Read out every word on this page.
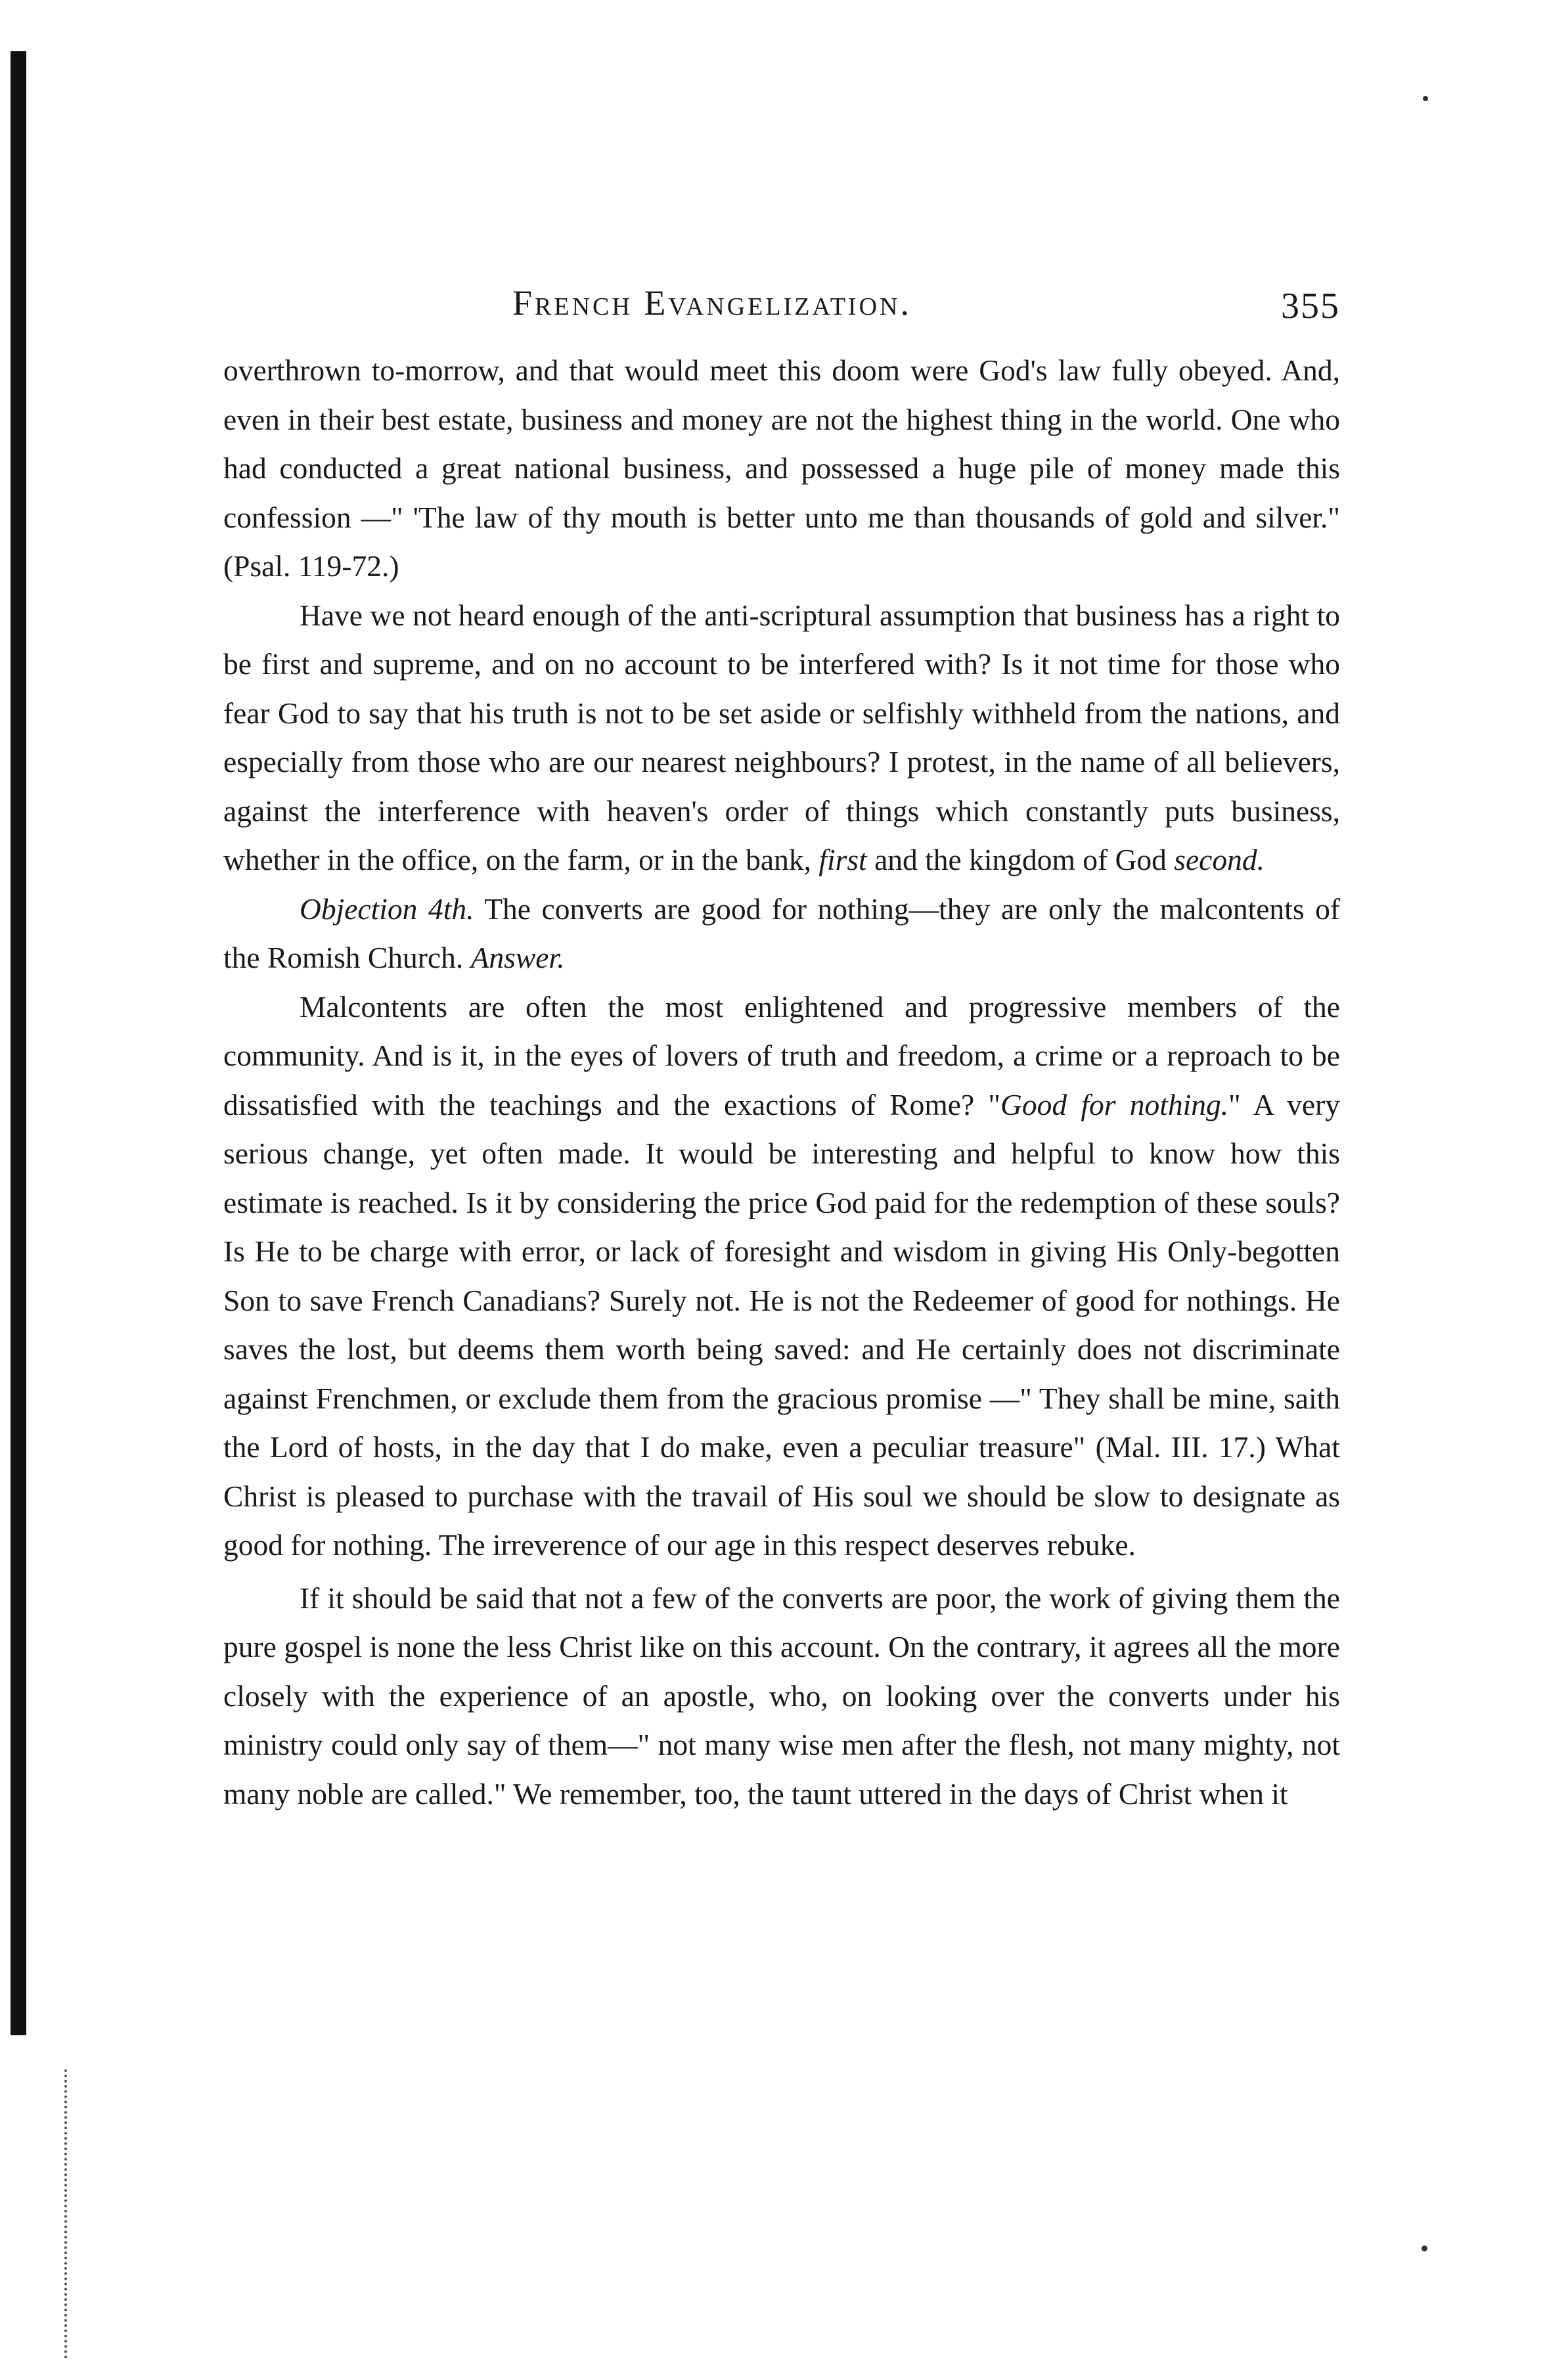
French Evangelization.	355

overthrown to-morrow, and that would meet this doom were God's law fully obeyed. And, even in their best estate, business and money are not the highest thing in the world. One who had conducted a great national business, and possessed a huge pile of money made this confession —" 'The law of thy mouth is better unto me than thousands of gold and silver." (Psal. 119-72.)

Have we not heard enough of the anti-scriptural assumption that business has a right to be first and supreme, and on no account to be interfered with? Is it not time for those who fear God to say that his truth is not to be set aside or selfishly withheld from the nations, and especially from those who are our nearest neighbours? I protest, in the name of all believers, against the interference with heaven's order of things which constantly puts business, whether in the office, on the farm, or in the bank, first and the kingdom of God second.

Objection 4th. The converts are good for nothing—they are only the malcontents of the Romish Church. Answer.

Malcontents are often the most enlightened and progressive members of the community. And is it, in the eyes of lovers of truth and freedom, a crime or a reproach to be dissatisfied with the teachings and the exactions of Rome? "Good for nothing." A very serious change, yet often made. It would be interesting and helpful to know how this estimate is reached. Is it by considering the price God paid for the redemption of these souls? Is He to be charge with error, or lack of foresight and wisdom in giving His Only-begotten Son to save French Canadians? Surely not. He is not the Redeemer of good for nothings. He saves the lost, but deems them worth being saved: and He certainly does not discriminate against Frenchmen, or exclude them from the gracious promise —" They shall be mine, saith the Lord of hosts, in the day that I do make, even a peculiar treasure" (Mal. III. 17.) What Christ is pleased to purchase with the travail of His soul we should be slow to designate as good for nothing. The irreverence of our age in this respect deserves rebuke.

If it should be said that not a few of the converts are poor, the work of giving them the pure gospel is none the less Christ like on this account. On the contrary, it agrees all the more closely with the experience of an apostle, who, on looking over the converts under his ministry could only say of them—" not many wise men after the flesh, not many mighty, not many noble are called." We remember, too, the taunt uttered in the days of Christ when it
